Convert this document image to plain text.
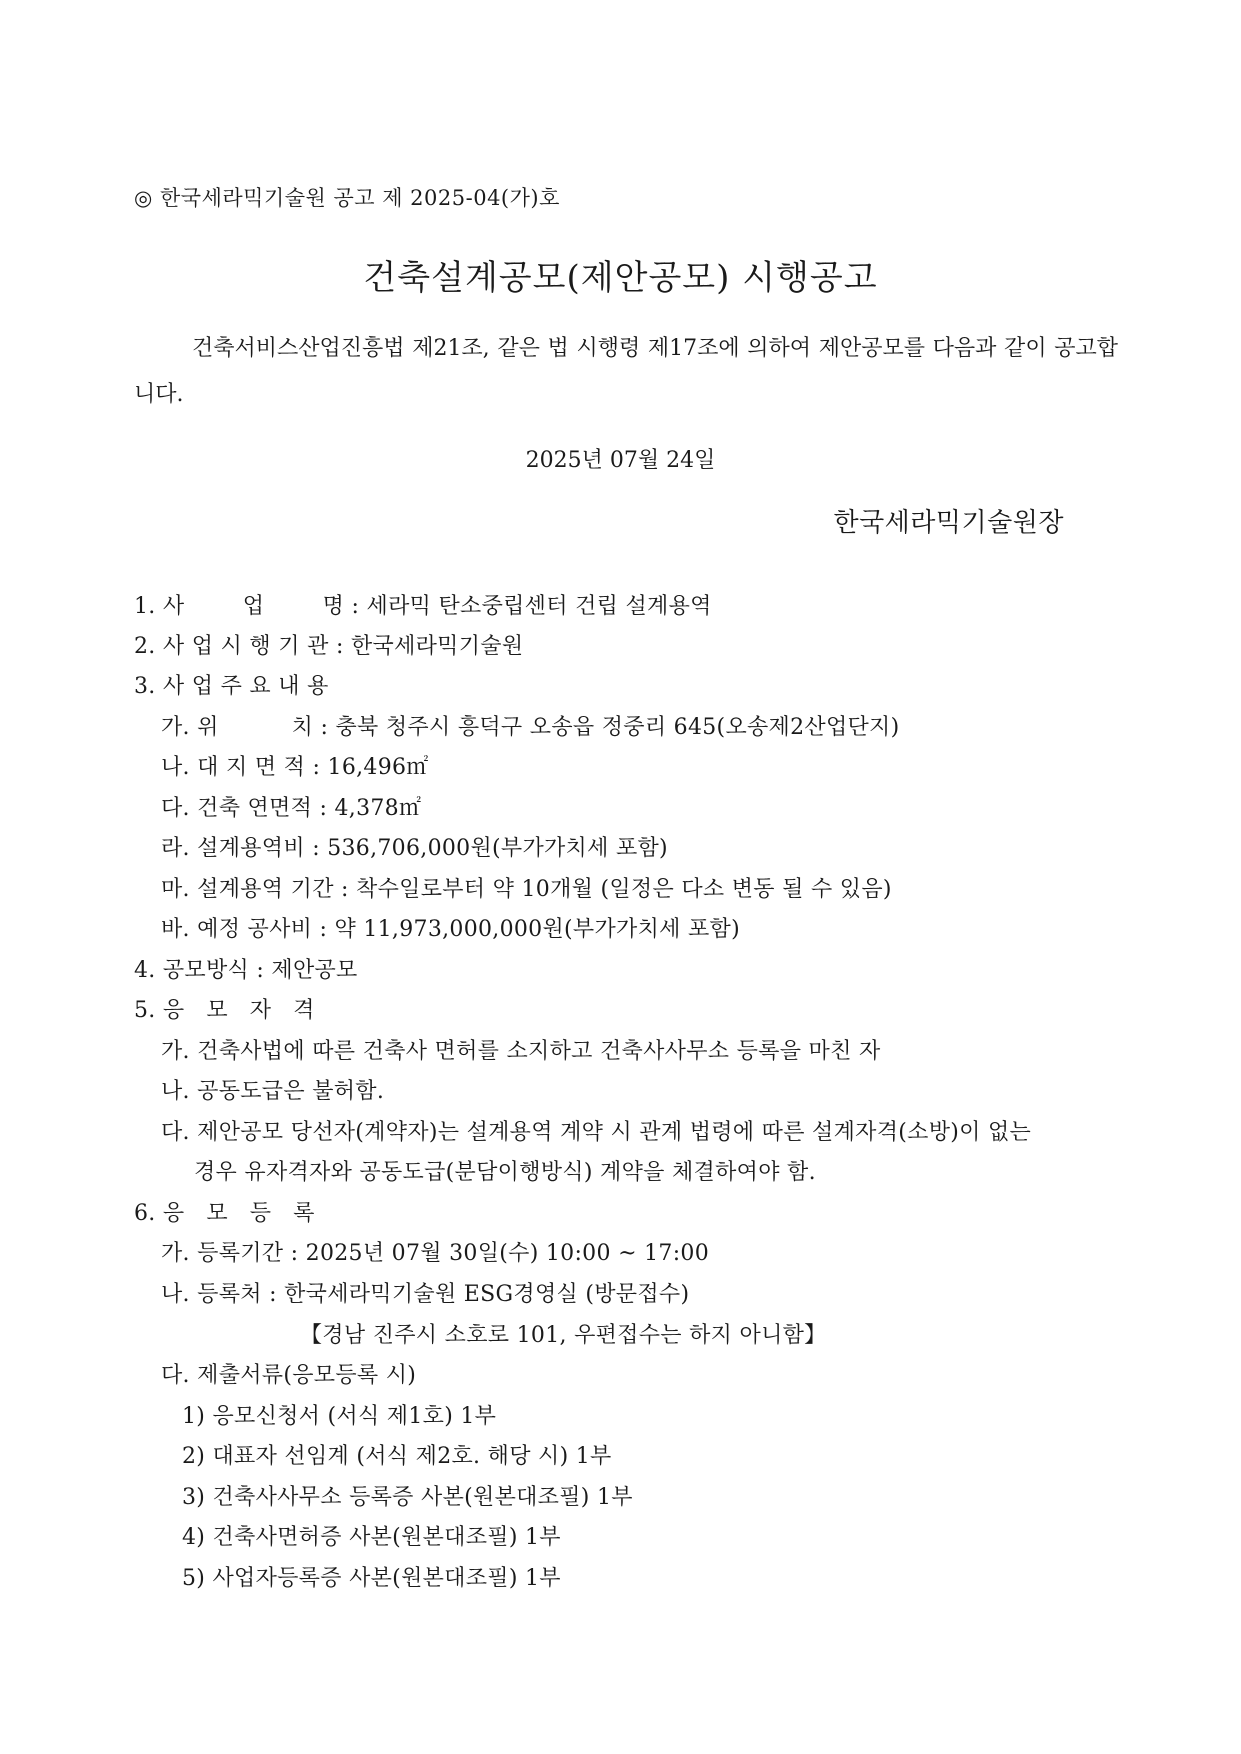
◎ 한국세라믹기술원 공고 제 2025-04(가)호
건축설계공모(제안공모) 시행공고

건축서비스산업진흥법 제21조, 같은 법 시행령 제17조에 의하여 제안공모를 다음과 같이 공고합니다.

2025년 07월 24일
한국세라믹기술원장
1. 사        업        명 : 세라믹 탄소중립센터 건립 설계용역
2. 사 업 시 행 기 관 : 한국세라믹기술원
3. 사 업 주 요 내 용
가. 위          치 : 충북 청주시 흥덕구 오송읍 정중리 645(오송제2산업단지)
나. 대 지 면 적 : 16,496㎡
다. 건축 연면적 : 4,378㎡
라. 설계용역비 : 536,706,000원(부가가치세 포함)
마. 설계용역 기간 : 착수일로부터 약 10개월 (일정은 다소 변동 될 수 있음)
바. 예정 공사비 : 약 11,973,000,000원(부가가치세 포함)
4. 공모방식 : 제안공모
5. 응   모   자   격
가. 건축사법에 따른 건축사 면허를 소지하고 건축사사무소 등록을 마친 자
나. 공동도급은 불허함.
다. 제안공모 당선자(계약자)는 설계용역 계약 시 관계 법령에 따른 설계자격(소방)이 없는
경우 유자격자와 공동도급(분담이행방식) 계약을 체결하여야 함.
6. 응   모   등   록
가. 등록기간 : 2025년 07월 30일(수) 10:00 ~ 17:00
나. 등록처 : 한국세라믹기술원 ESG경영실 (방문접수)
【경남 진주시 소호로 101, 우편접수는 하지 아니함】
다. 제출서류(응모등록 시)
1) 응모신청서 (서식 제1호) 1부
2) 대표자 선임계 (서식 제2호. 해당 시) 1부
3) 건축사사무소 등록증 사본(원본대조필) 1부
4) 건축사면허증 사본(원본대조필) 1부
5) 사업자등록증 사본(원본대조필) 1부
